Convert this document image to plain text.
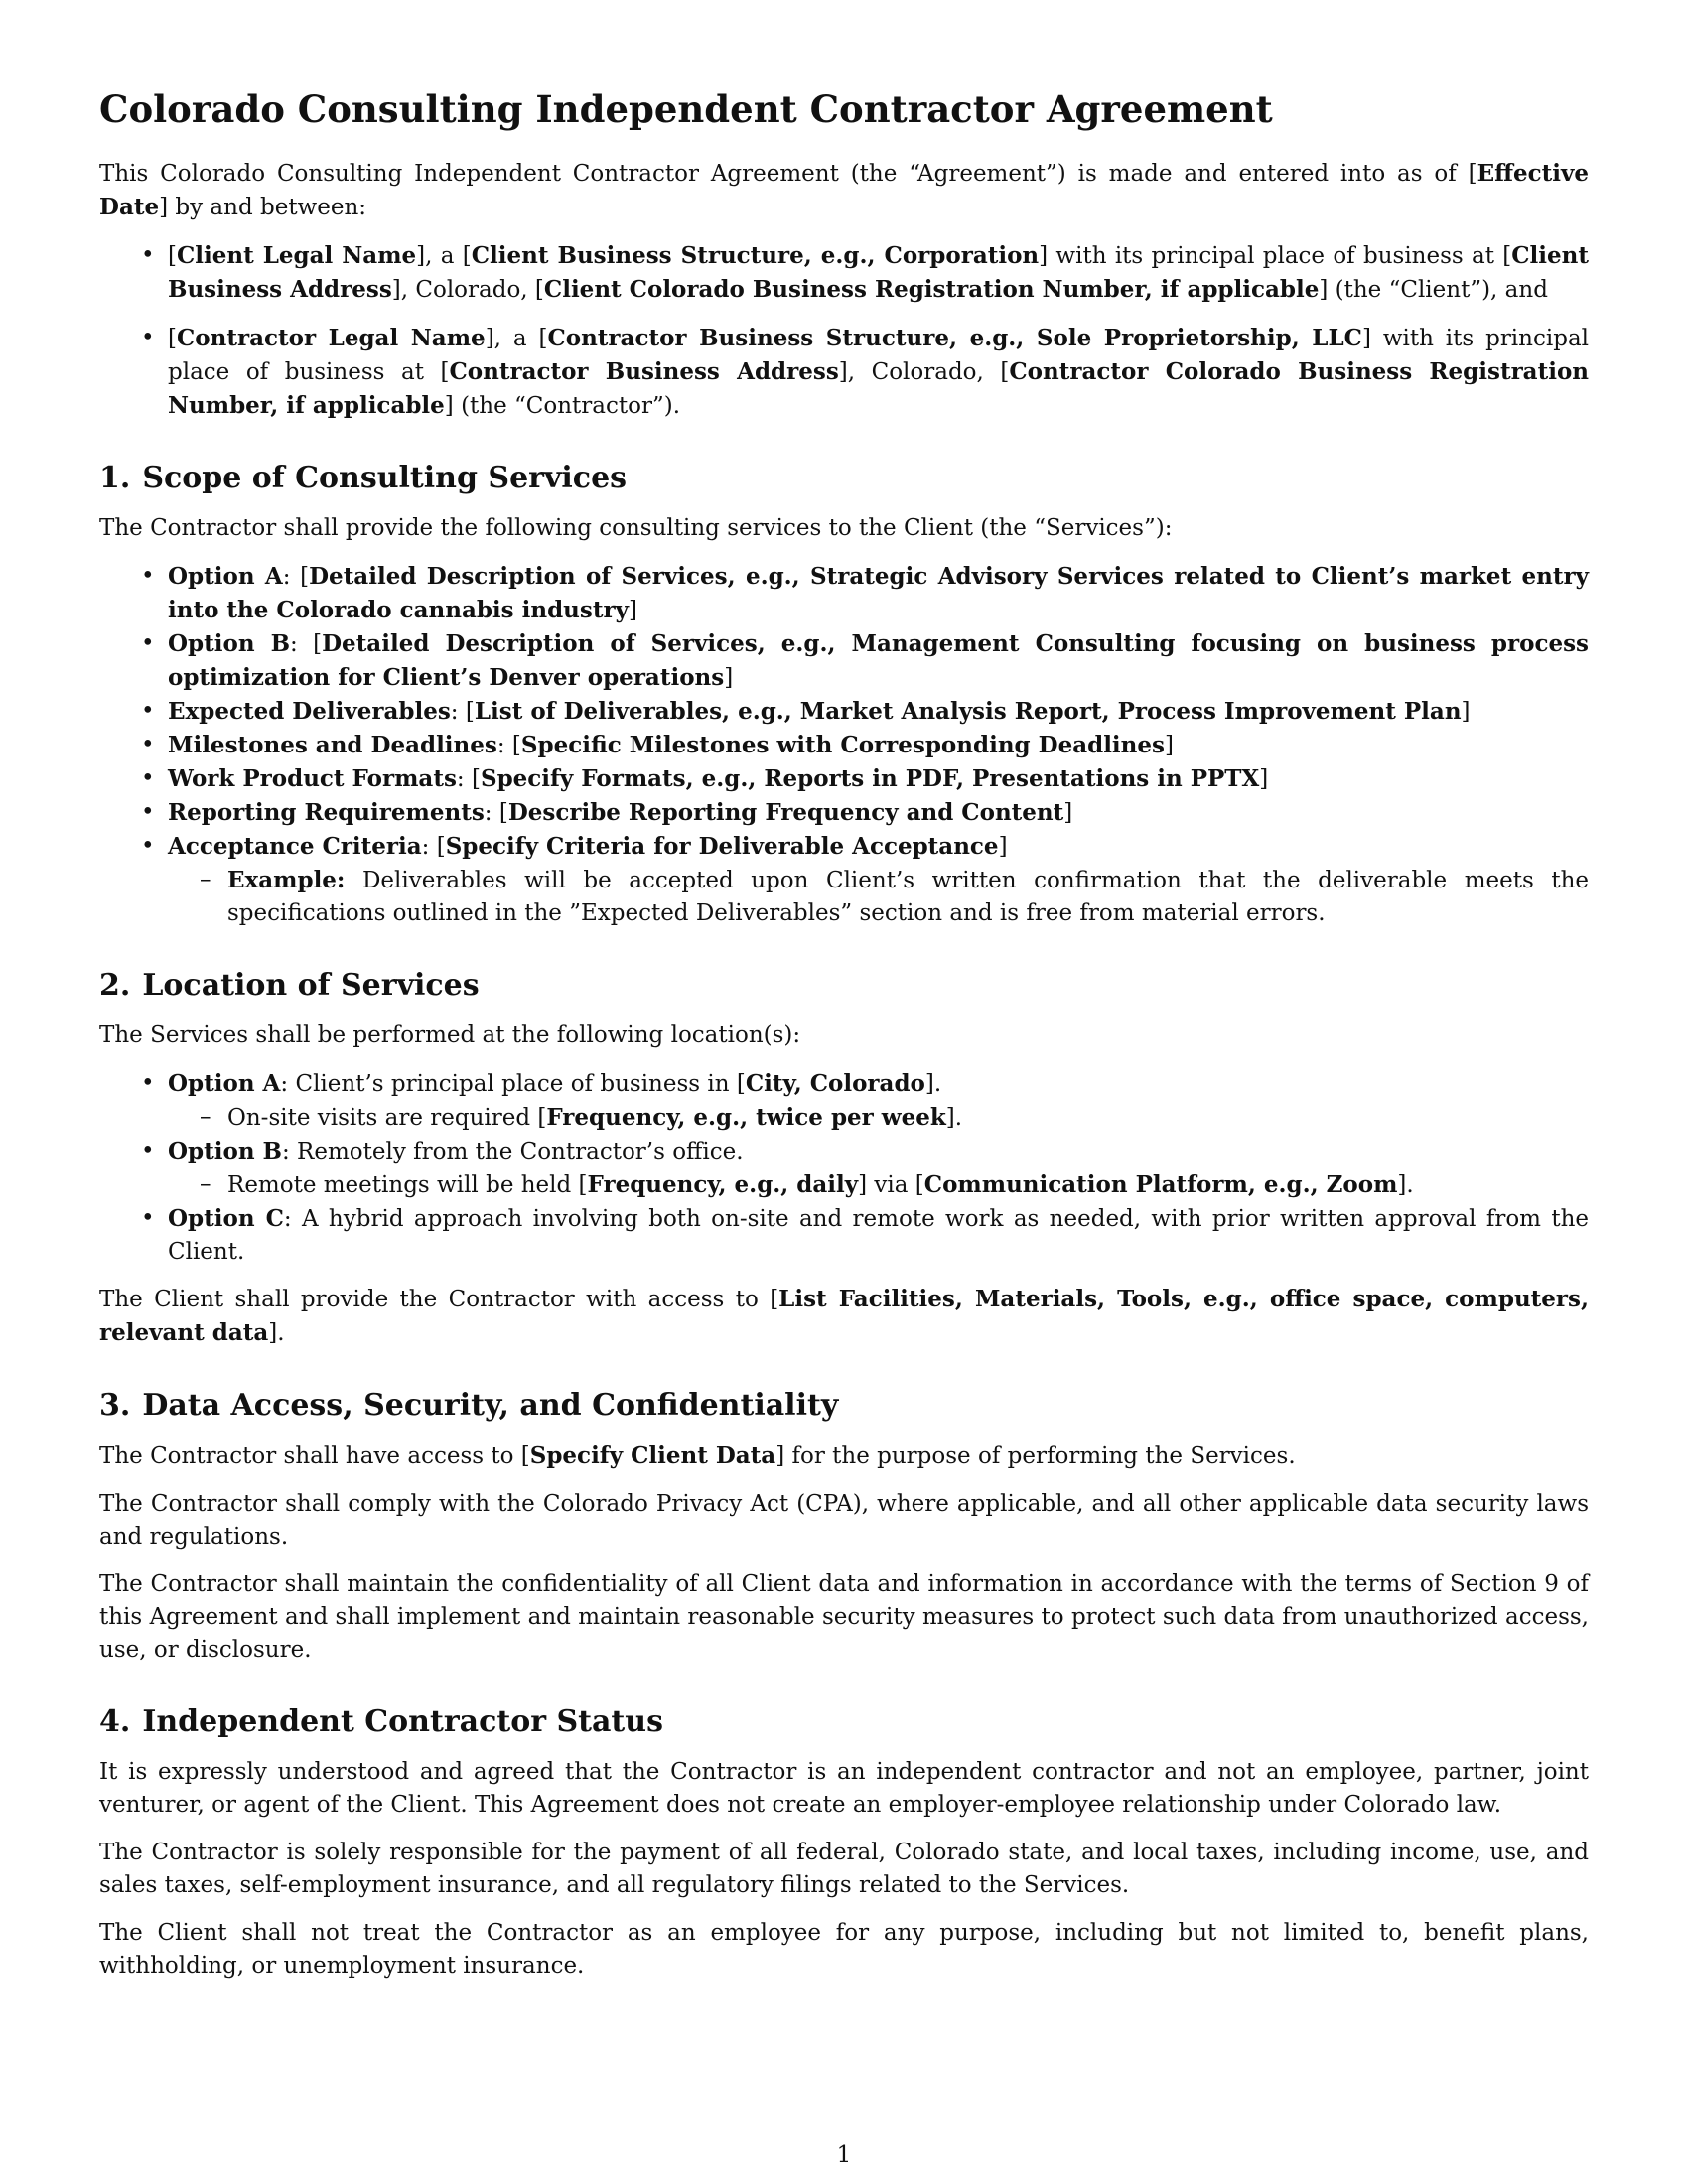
Colorado Consulting Independent Contractor Agreement

This Colorado Consulting Independent Contractor Agreement (the “Agreement”) is made and entered into as of [Effective Date] by and between:

• [Client Legal Name], a [Client Business Structure, e.g., Corporation] with its principal place of business at [Client Business Address], Colorado, [Client Colorado Business Registration Number, if applicable] (the “Client”), and
• [Contractor Legal Name], a [Contractor Business Structure, e.g., Sole Proprietorship, LLC] with its principal place of business at [Contractor Business Address], Colorado, [Contractor Colorado Business Registration Number, if applicable] (the “Contractor”).
1. Scope of Consulting Services

The Contractor shall provide the following consulting services to the Client (the “Services”):

• Option A: [Detailed Description of Services, e.g., Strategic Advisory Services related to Client’s market entry into the Colorado cannabis industry]
• Option B: [Detailed Description of Services, e.g., Management Consulting focusing on business process optimization for Client’s Denver operations]
• Expected Deliverables: [List of Deliverables, e.g., Market Analysis Report, Process Improvement Plan]
• Milestones and Deadlines: [Specific Milestones with Corresponding Deadlines]
• Work Product Formats: [Specify Formats, e.g., Reports in PDF, Presentations in PPTX]
• Reporting Requirements: [Describe Reporting Frequency and Content]
• Acceptance Criteria: [Specify Criteria for Deliverable Acceptance]
– Example: Deliverables will be accepted upon Client’s written confirmation that the deliverable meets the specifications outlined in the ”Expected Deliverables” section and is free from material errors.
2. Location of Services

The Services shall be performed at the following location(s):

• Option A: Client’s principal place of business in [City, Colorado].
– On-site visits are required [Frequency, e.g., twice per week].
• Option B: Remotely from the Contractor’s office.
– Remote meetings will be held [Frequency, e.g., daily] via [Communication Platform, e.g., Zoom].
• Option C: A hybrid approach involving both on-site and remote work as needed, with prior written approval from the Client.

The Client shall provide the Contractor with access to [List Facilities, Materials, Tools, e.g., office space, computers, relevant data].

3. Data Access, Security, and Confidentiality

The Contractor shall have access to [Specify Client Data] for the purpose of performing the Services.

The Contractor shall comply with the Colorado Privacy Act (CPA), where applicable, and all other applicable data security laws and regulations.

The Contractor shall maintain the confidentiality of all Client data and information in accordance with the terms of Section 9 of this Agreement and shall implement and maintain reasonable security measures to protect such data from unauthorized access, use, or disclosure.

4. Independent Contractor Status

It is expressly understood and agreed that the Contractor is an independent contractor and not an employee, partner, joint venturer, or agent of the Client. This Agreement does not create an employer-employee relationship under Colorado law.

The Contractor is solely responsible for the payment of all federal, Colorado state, and local taxes, including income, use, and sales taxes, self-employment insurance, and all regulatory filings related to the Services.

The Client shall not treat the Contractor as an employee for any purpose, including but not limited to, benefit plans, withholding, or unemployment insurance.

1
